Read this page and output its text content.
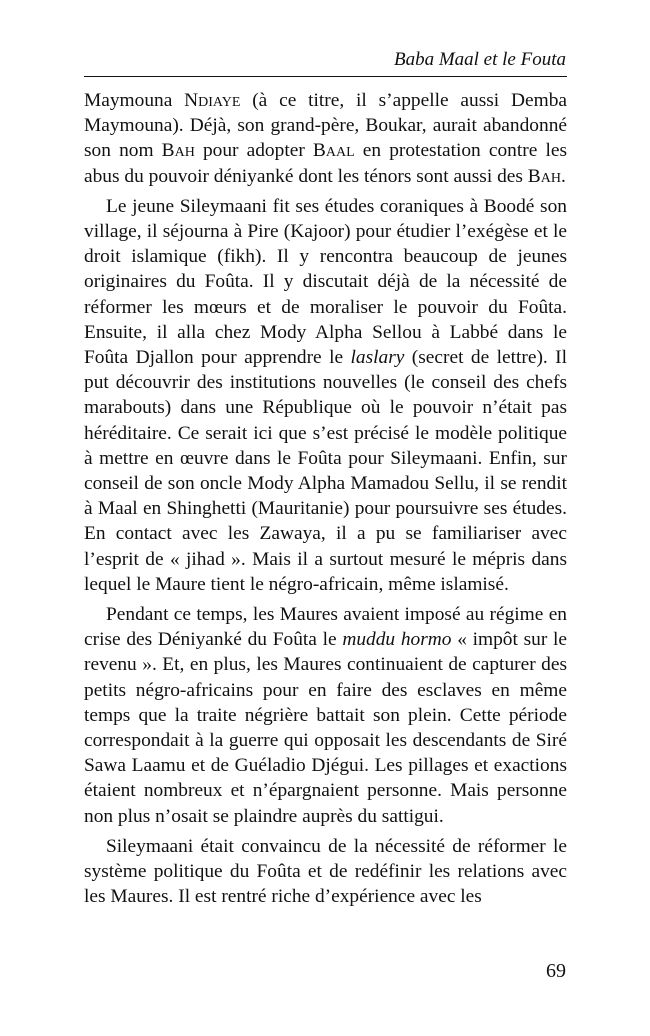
Baba Maal et le Fouta

Maymouna Ndiaye (à ce titre, il s’appelle aussi Demba Maymouna). Déjà, son grand-père, Boukar, aurait abandonné son nom Bah pour adopter Baal en protestation contre les abus du pouvoir déniyanké dont les ténors sont aussi des Bah.

Le jeune Sileymaani fit ses études coraniques à Boodé son village, il séjourna à Pire (Kajoor) pour étudier l’exégèse et le droit islamique (fikh). Il y rencontra beaucoup de jeunes originaires du Foûta. Il y discutait déjà de la nécessité de réformer les mœurs et de moraliser le pouvoir du Foûta. Ensuite, il alla chez Mody Alpha Sellou à Labbé dans le Foûta Djallon pour apprendre le laslary (secret de lettre). Il put découvrir des institutions nouvelles (le conseil des chefs marabouts) dans une République où le pouvoir n’était pas héréditaire. Ce serait ici que s’est précisé le modèle politique à mettre en œuvre dans le Foûta pour Sileymaani. Enfin, sur conseil de son oncle Mody Alpha Mamadou Sellu, il se rendit à Maal en Shinghetti (Mauritanie) pour poursuivre ses études. En contact avec les Zawaya, il a pu se familiariser avec l’esprit de « jihad ». Mais il a surtout mesuré le mépris dans lequel le Maure tient le négro-africain, même islamisé.

Pendant ce temps, les Maures avaient imposé au régime en crise des Déniyanké du Foûta le muddu hormo « impôt sur le revenu ». Et, en plus, les Maures continuaient de capturer des petits négro-africains pour en faire des esclaves en même temps que la traite négrière battait son plein. Cette période correspondait à la guerre qui opposait les descendants de Siré Sawa Laamu et de Guéladio Djégui. Les pillages et exactions étaient nombreux et n’épargnaient personne. Mais personne non plus n’osait se plaindre auprès du sattigui.

Sileymaani était convaincu de la nécessité de réformer le système politique du Foûta et de redéfinir les relations avec les Maures. Il est rentré riche d’expérience avec les

69
